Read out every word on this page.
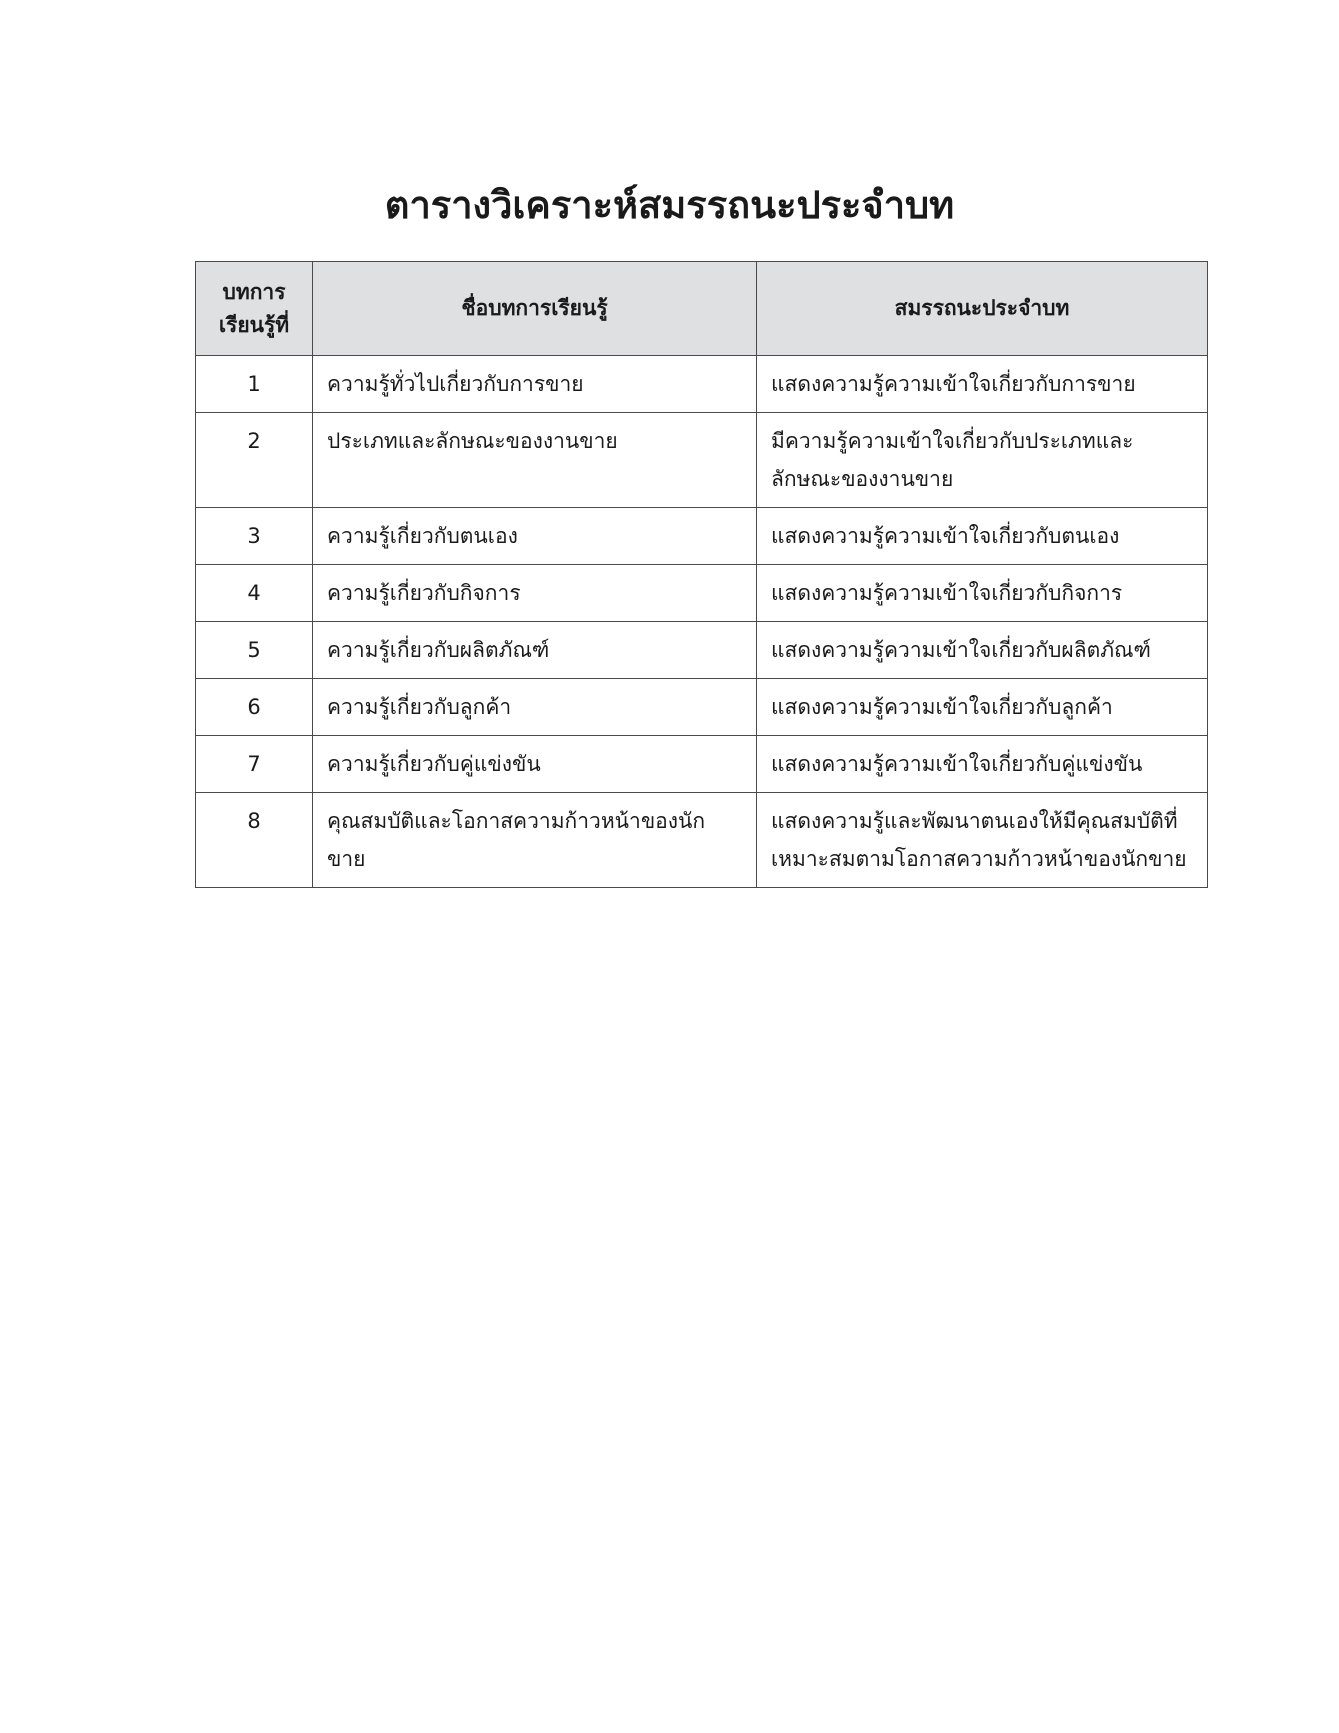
ตารางวิเคราะห์สมรรถนะประจำบท
บทการ
เรียนรู้ที่	ชื่อบทการเรียนรู้	สมรรถนะประจำบท
1	ความรู้ทั่วไปเกี่ยวกับการขาย	แสดงความรู้ความเข้าใจเกี่ยวกับการขาย
2	ประเภทและลักษณะของงานขาย	มีความรู้ความเข้าใจเกี่ยวกับประเภทและลักษณะของงานขาย
3	ความรู้เกี่ยวกับตนเอง	แสดงความรู้ความเข้าใจเกี่ยวกับตนเอง
4	ความรู้เกี่ยวกับกิจการ	แสดงความรู้ความเข้าใจเกี่ยวกับกิจการ
5	ความรู้เกี่ยวกับผลิตภัณฑ์	แสดงความรู้ความเข้าใจเกี่ยวกับผลิตภัณฑ์
6	ความรู้เกี่ยวกับลูกค้า	แสดงความรู้ความเข้าใจเกี่ยวกับลูกค้า
7	ความรู้เกี่ยวกับคู่แข่งขัน	แสดงความรู้ความเข้าใจเกี่ยวกับคู่แข่งขัน
8	คุณสมบัติและโอกาสความก้าวหน้าของนักขาย	แสดงความรู้และพัฒนาตนเองให้มีคุณสมบัติที่เหมาะสมตามโอกาสความก้าวหน้าของนักขาย
